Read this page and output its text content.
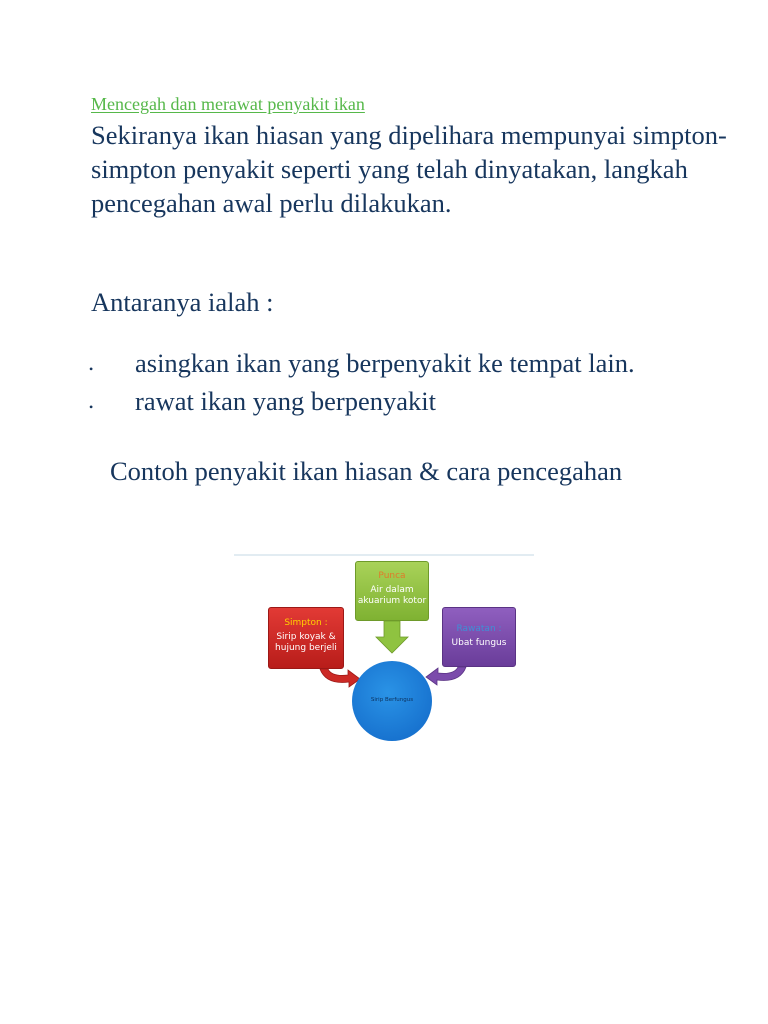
Mencegah dan merawat penyakit ikan

Sekiranya ikan hiasan yang dipelihara mempunyai simpton-simpton penyakit seperti yang telah dinyatakan, langkah pencegahan awal perlu dilakukan.

Antaranya ialah :
• asingkan ikan yang berpenyakit ke tempat lain.
• rawat ikan yang berpenyakit
Contoh penyakit ikan hiasan & cara pencegahan
Punca
Air dalam akuarium kotor
Simpton :
Sirip koyak & hujung berjeli
Rawatan :
Ubat fungus
Sirip Berfungus
